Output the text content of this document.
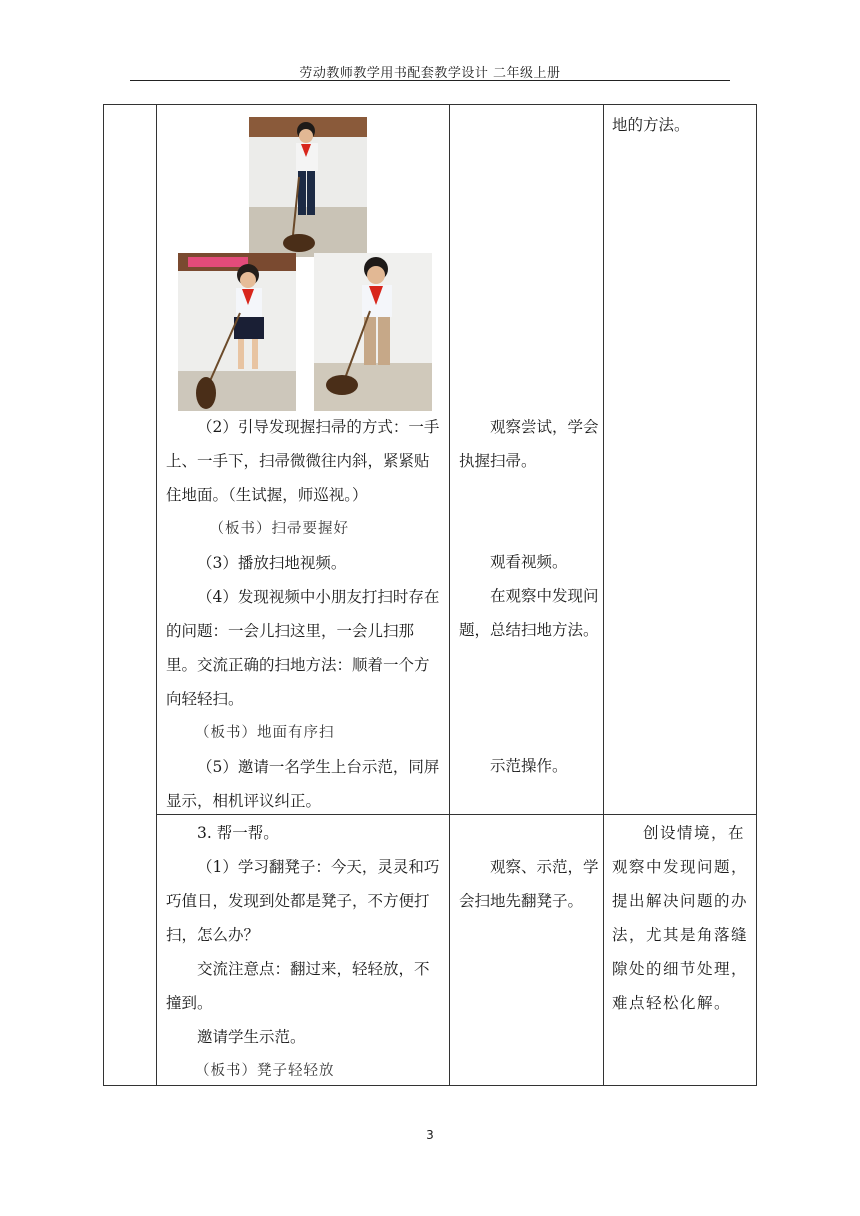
劳动教师教学用书配套教学设计 二年级上册

（2）引导发现握扫帚的方式：一手上、一手下，扫帚微微往内斜，紧紧贴住地面。（生试握，师巡视。）

（板书）扫帚要握好

（3）播放扫地视频。

（4）发现视频中小朋友打扫时存在的问题：一会儿扫这里，一会儿扫那里。交流正确的扫地方法：顺着一个方向轻轻扫。

（板书）地面有序扫

（5）邀请一名学生上台示范，同屏显示，相机评议纠正。

观察尝试，学会执握扫帚。

观看视频。

在观察中发现问题，总结扫地方法。

示范操作。

地的方法。

3. 帮一帮。

（1）学习翻凳子：今天，灵灵和巧巧值日，发现到处都是凳子，不方便打扫，怎么办？

交流注意点：翻过来，轻轻放，不撞到。

邀请学生示范。

（板书）凳子轻轻放

观察、示范，学会扫地先翻凳子。

创设情境，在观察中发现问题，提出解决问题的办法，尤其是角落缝隙处的细节处理，难点轻松化解。

3
